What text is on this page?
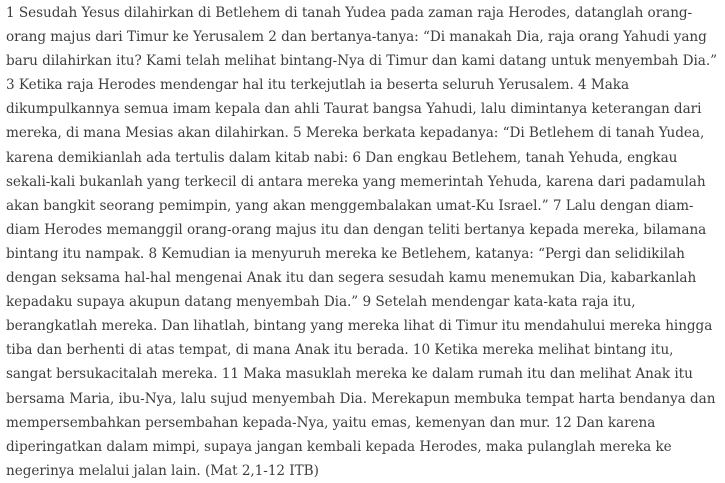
1 Sesudah Yesus dilahirkan di Betlehem di tanah Yudea pada zaman raja Herodes, datanglah orang-orang majus dari Timur ke Yerusalem 2 dan bertanya-tanya: “Di manakah Dia, raja orang Yahudi yang baru dilahirkan itu? Kami telah melihat bintang-Nya di Timur dan kami datang untuk menyembah Dia.” 3 Ketika raja Herodes mendengar hal itu terkejutlah ia beserta seluruh Yerusalem. 4 Maka dikumpulkannya semua imam kepala dan ahli Taurat bangsa Yahudi, lalu dimintanya keterangan dari mereka, di mana Mesias akan dilahirkan. 5 Mereka berkata kepadanya: “Di Betlehem di tanah Yudea, karena demikianlah ada tertulis dalam kitab nabi: 6 Dan engkau Betlehem, tanah Yehuda, engkau sekali-kali bukanlah yang terkecil di antara mereka yang memerintah Yehuda, karena dari padamulah akan bangkit seorang pemimpin, yang akan menggembalakan umat-Ku Israel.” 7 Lalu dengan diam-diam Herodes memanggil orang-orang majus itu dan dengan teliti bertanya kepada mereka, bilamana bintang itu nampak. 8 Kemudian ia menyuruh mereka ke Betlehem, katanya: “Pergi dan selidikilah dengan seksama hal-hal mengenai Anak itu dan segera sesudah kamu menemukan Dia, kabarkanlah kepadaku supaya akupun datang menyembah Dia.” 9 Setelah mendengar kata-kata raja itu, berangkatlah mereka. Dan lihatlah, bintang yang mereka lihat di Timur itu mendahului mereka hingga tiba dan berhenti di atas tempat, di mana Anak itu berada. 10 Ketika mereka melihat bintang itu, sangat bersukacitalah mereka. 11 Maka masuklah mereka ke dalam rumah itu dan melihat Anak itu bersama Maria, ibu-Nya, lalu sujud menyembah Dia. Merekapun membuka tempat harta bendanya dan mempersembahkan persembahan kepada-Nya, yaitu emas, kemenyan dan mur. 12 Dan karena diperingatkan dalam mimpi, supaya jangan kembali kepada Herodes, maka pulanglah mereka ke negerinya melalui jalan lain. (Mat 2,1-12 ITB)
